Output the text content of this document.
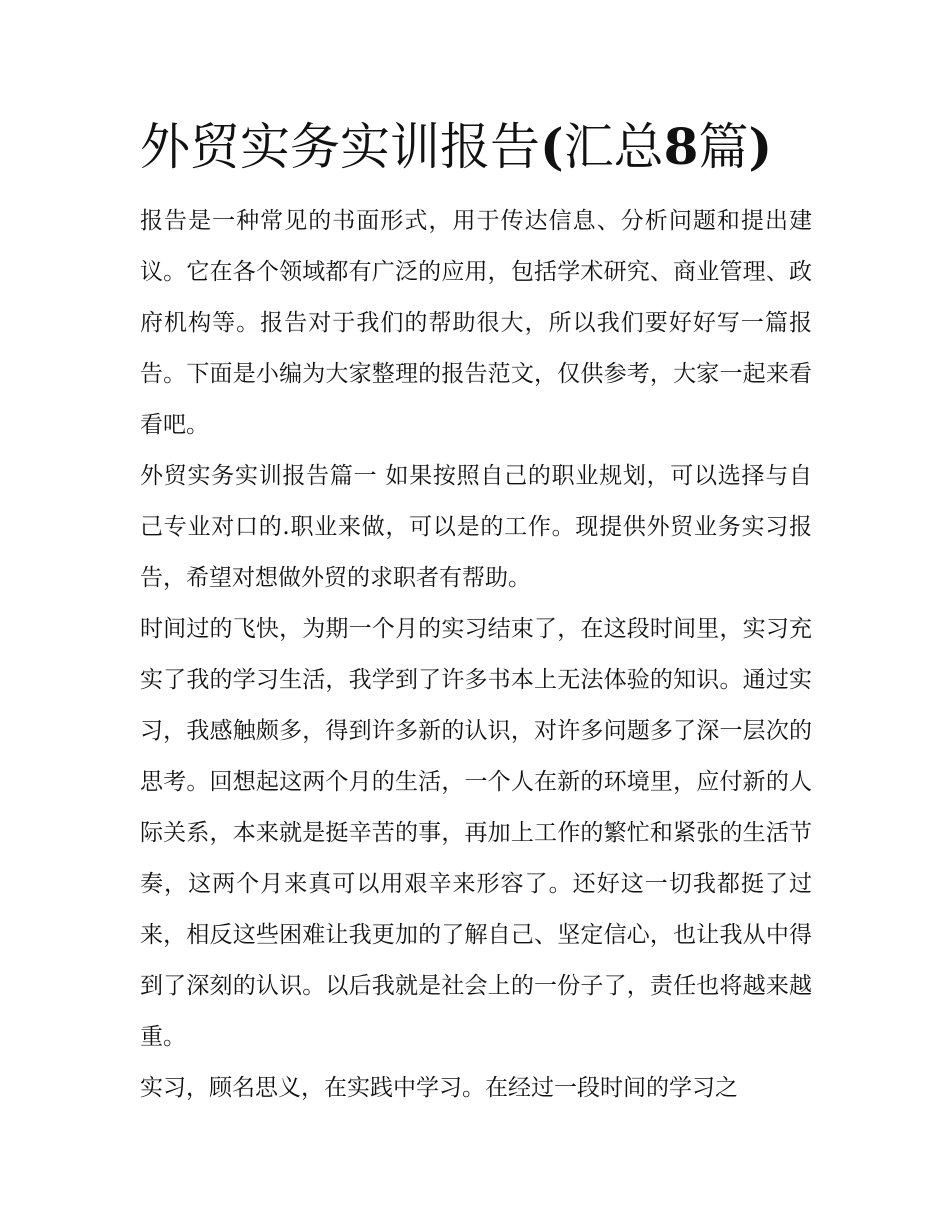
外贸实务实训报告(汇总8篇)

报告是一种常见的书面形式，用于传达信息、分析问题和提出建议。它在各个领域都有广泛的应用，包括学术研究、商业管理、政府机构等。报告对于我们的帮助很大，所以我们要好好写一篇报告。下面是小编为大家整理的报告范文，仅供参考，大家一起来看看吧。

外贸实务实训报告篇一 如果按照自己的职业规划，可以选择与自己专业对口的.职业来做，可以是的工作。现提供外贸业务实习报告，希望对想做外贸的求职者有帮助。

时间过的飞快，为期一个月的实习结束了，在这段时间里，实习充实了我的学习生活，我学到了许多书本上无法体验的知识。通过实习，我感触颇多，得到许多新的认识，对许多问题多了深一层次的思考。回想起这两个月的生活，一个人在新的环境里，应付新的人际关系，本来就是挺辛苦的事，再加上工作的繁忙和紧张的生活节奏，这两个月来真可以用艰辛来形容了。还好这一切我都挺了过来，相反这些困难让我更加的了解自己、坚定信心，也让我从中得到了深刻的认识。以后我就是社会上的一份子了，责任也将越来越重。

实习，顾名思义，在实践中学习。在经过一段时间的学习之
